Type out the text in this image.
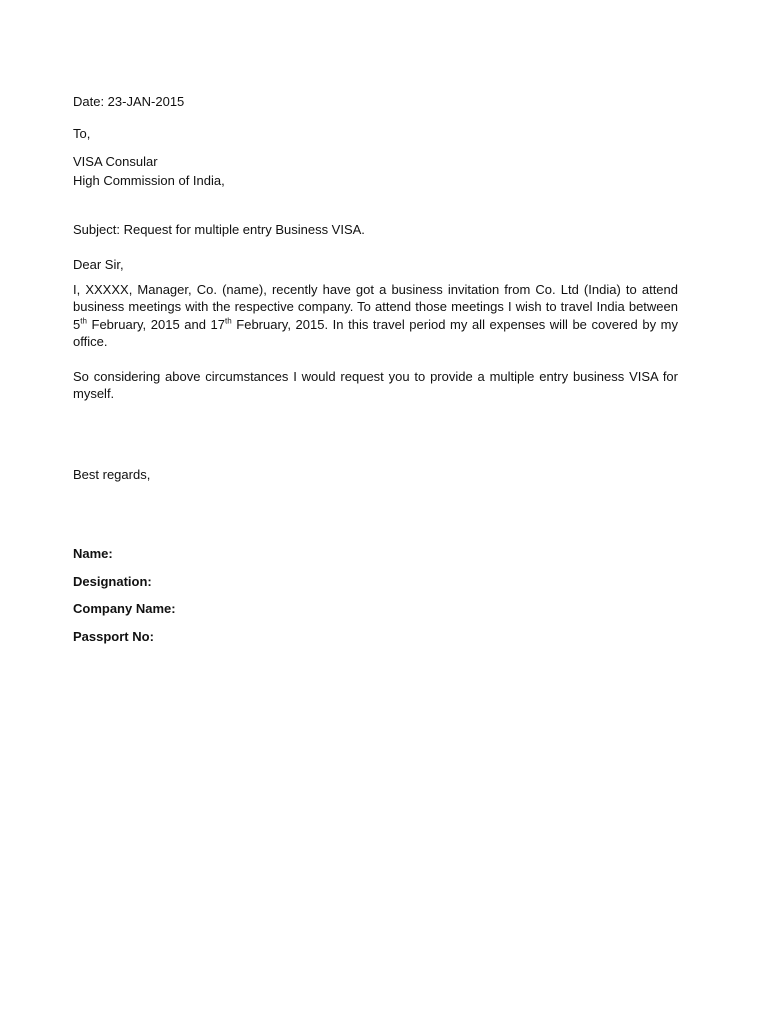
Date: 23-JAN-2015
To,
VISA Consular
High Commission of India,
Subject: Request for multiple entry Business VISA.
Dear Sir,
I, XXXXX, Manager, Co. (name), recently have got a business invitation from Co. Ltd (India) to attend
business meetings with the respective company. To attend those meetings I wish to travel India between
5th February, 2015 and 17th February, 2015. In this travel period my all expenses will be covered by my
office.
So considering above circumstances I would request you to provide a multiple entry business VISA for
myself.
Best regards,
Name:
Designation:
Company Name:
Passport No:
